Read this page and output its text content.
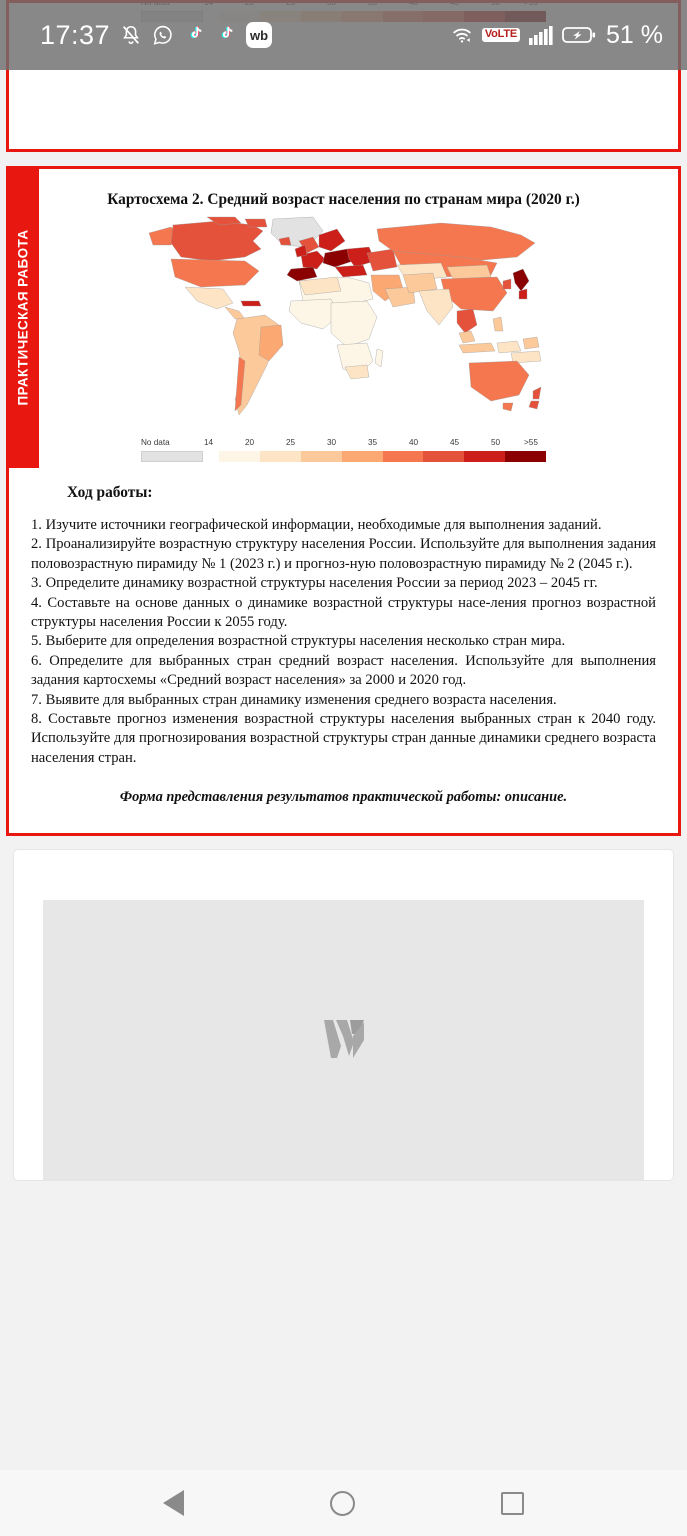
ПРАКТИЧЕСКАЯ РАБОТА
Картосхема 2. Средний возраст населения по странам мира (2020 г.)
No data	14	20	25	30	35	40	45	50	>55
Ход работы:
1. Изучите источники географической информации, необходимые для выполнения заданий.
2. Проанализируйте возрастную структуру населения России. Используйте для выполнения задания половозрастную пирамиду № 1 (2023 г.) и прогноз-ную половозрастную пирамиду № 2 (2045 г.).
3. Определите динамику возрастной структуры населения России за период 2023 – 2045 гг.
4. Составьте на основе данных о динамике возрастной структуры насе-ления прогноз возрастной структуры населения России к 2055 году.
5. Выберите для определения возрастной структуры населения несколько стран мира.
6. Определите для выбранных стран средний возраст населения. Используйте для выполнения задания картосхемы «Средний возраст населения» за 2000 и 2020 год.
7. Выявите для выбранных стран динамику изменения среднего возраста населения.
8. Составьте прогноз изменения возрастной структуры населения выбранных стран к 2040 году. Используйте для прогнозирования возрастной структуры стран данные динамики среднего возраста населения стран.
Форма представления результатов практической работы: описание.
17:37	wb	VoLTE	51 %
